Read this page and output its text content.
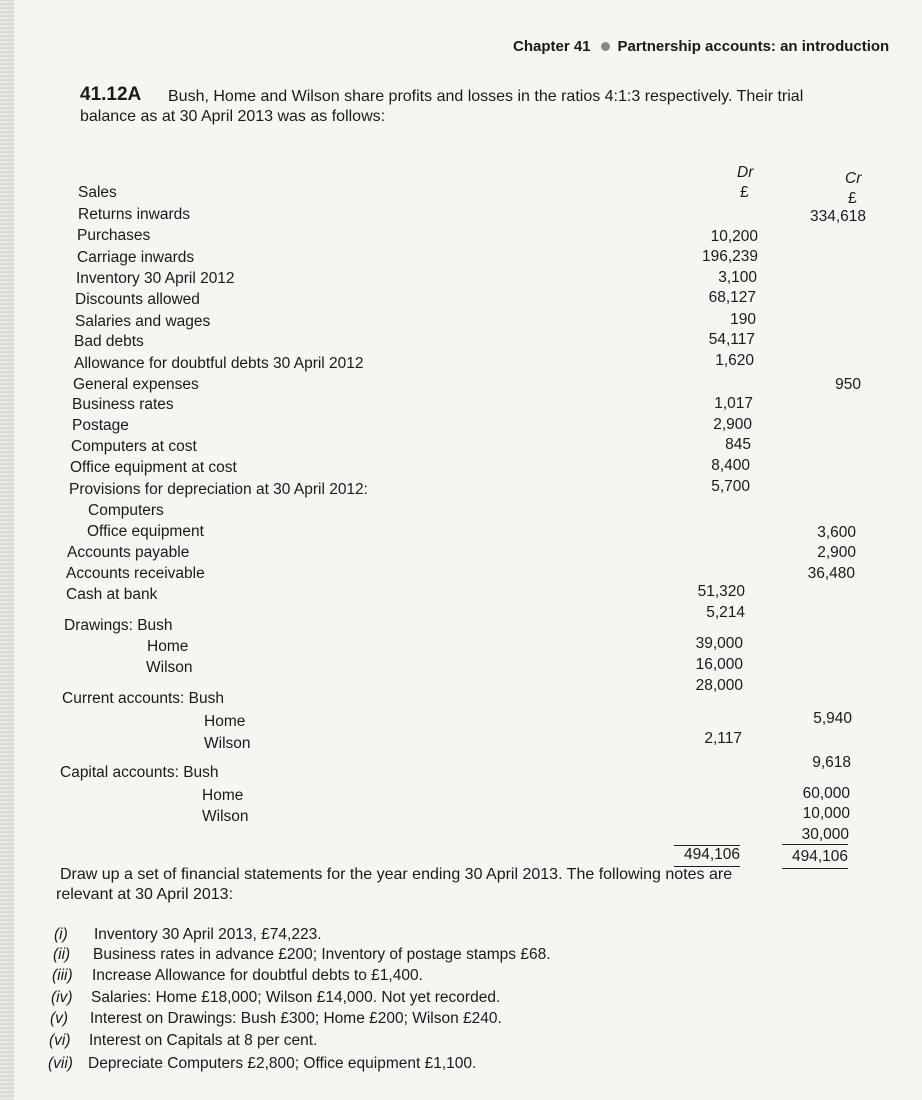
Chapter 41 Partnership accounts: an introduction
41.12A Bush, Home and Wilson share profits and losses in the ratios 4:1:3 respectively. Their trial
balance as at 30 April 2013 was as follows:
Dr
£
Cr
£
Sales
Returns inwards
Purchases
Carriage inwards
Inventory 30 April 2012
Discounts allowed
Salaries and wages
Bad debts
Allowance for doubtful debts 30 April 2012
General expenses
Business rates
Postage
Computers at cost
Office equipment at cost
Provisions for depreciation at 30 April 2012:
Computers
Office equipment
Accounts payable
Accounts receivable
Cash at bank
Drawings: Bush
Home
Wilson
Current accounts: Bush
Home
Wilson
Capital accounts: Bush
Home
Wilson
10,200
196,239
3,100
68,127
190
54,117
1,620
1,017
2,900
845
8,400
5,700
51,320
5,214
39,000
16,000
28,000
2,117
334,618
950
3,600
2,900
36,480
5,940
9,618
60,000
10,000
30,000
494,106	494,106
Draw up a set of financial statements for the year ending 30 April 2013. The following notes are
relevant at 30 April 2013:
(i) Inventory 30 April 2013, £74,223.
(ii) Business rates in advance £200; Inventory of postage stamps £68.
(iii) Increase Allowance for doubtful debts to £1,400.
(iv) Salaries: Home £18,000; Wilson £14,000. Not yet recorded.
(v) Interest on Drawings: Bush £300; Home £200; Wilson £240.
(vi) Interest on Capitals at 8 per cent.
(vii) Depreciate Computers £2,800; Office equipment £1,100.
